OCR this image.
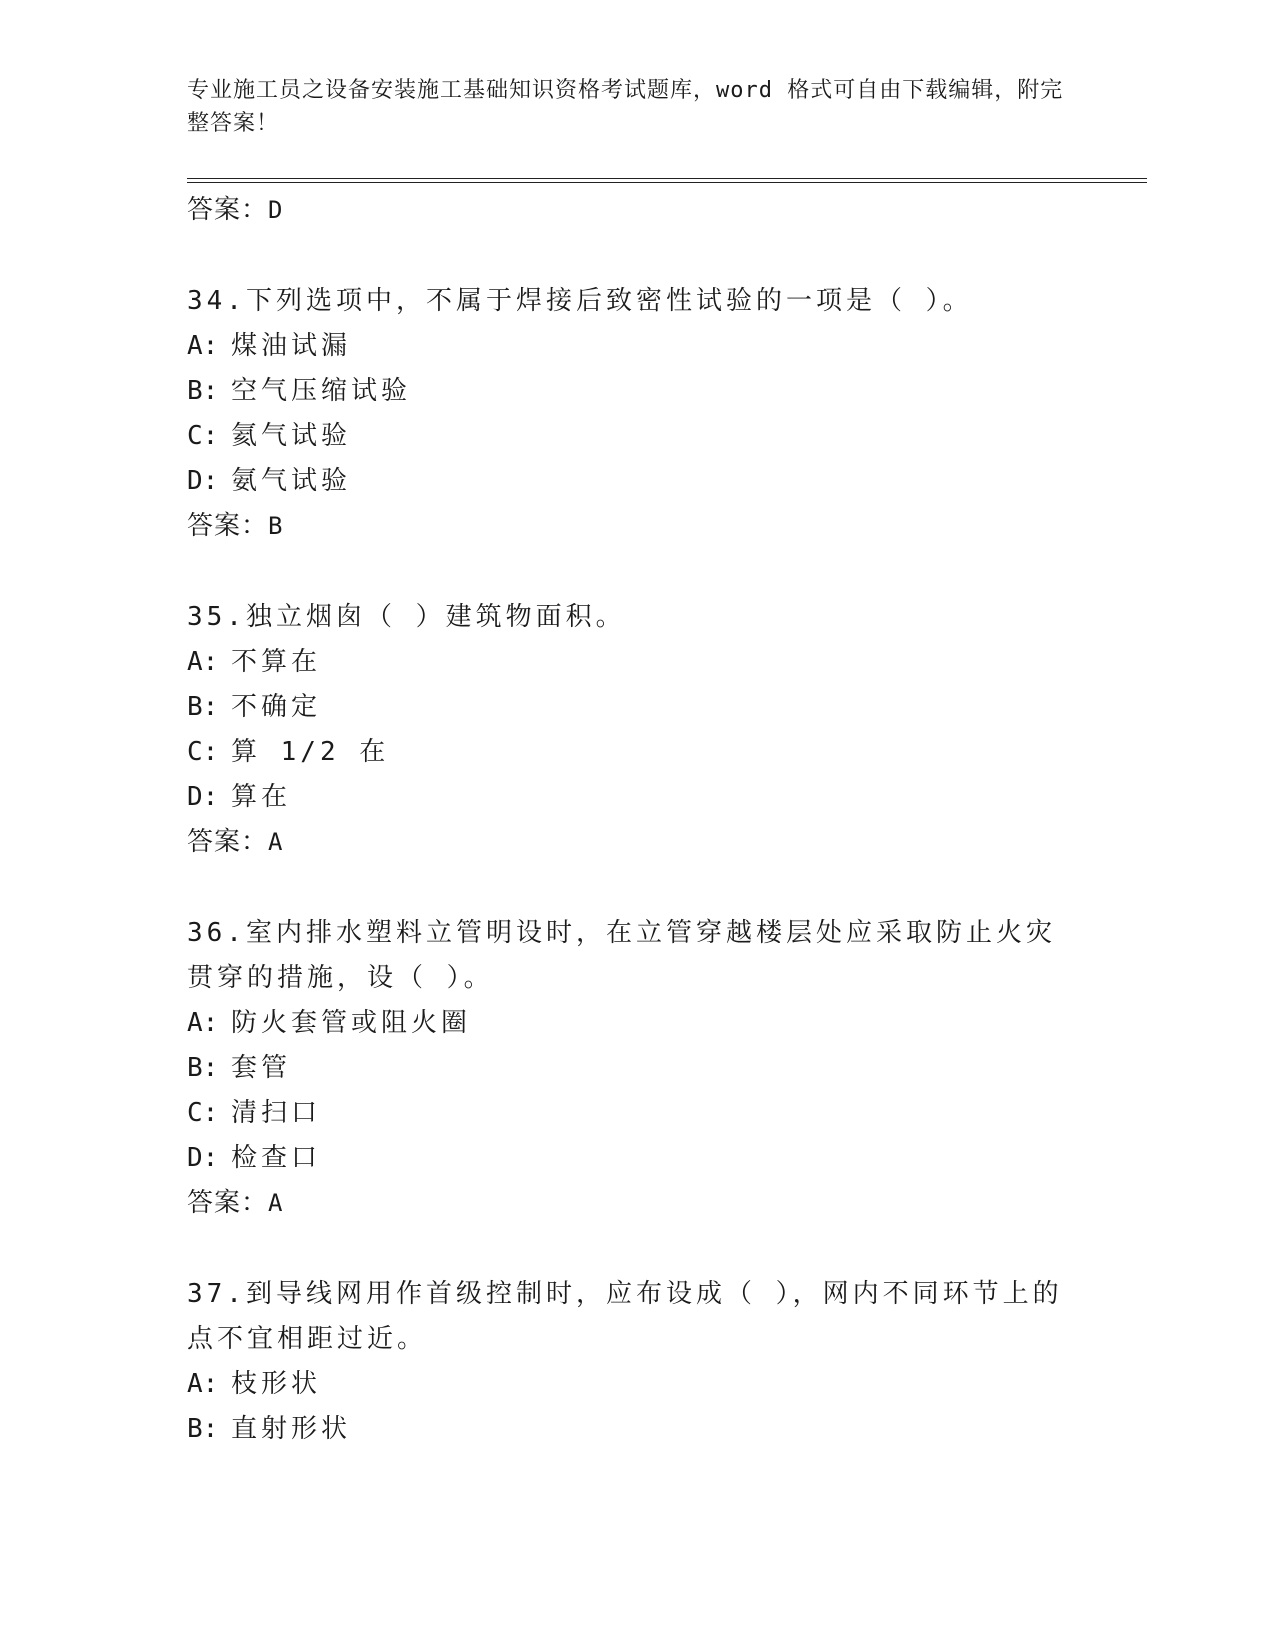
专业施工员之设备安装施工基础知识资格考试题库，word 格式可自由下载编辑，附完整答案！
答案：D
34.下列选项中，不属于焊接后致密性试验的一项是（ ）。
A: 煤油试漏
B: 空气压缩试验
C: 氦气试验
D: 氨气试验
答案：B
35.独立烟囱（ ）建筑物面积。
A: 不算在
B: 不确定
C: 算 1/2 在
D: 算在
答案：A
36.室内排水塑料立管明设时，在立管穿越楼层处应采取防止火灾贯穿的措施，设（ ）。
A: 防火套管或阻火圈
B: 套管
C: 清扫口
D: 检查口
答案：A
37.到导线网用作首级控制时，应布设成（ ），网内不同环节上的点不宜相距过近。
A: 枝形状
B: 直射形状
